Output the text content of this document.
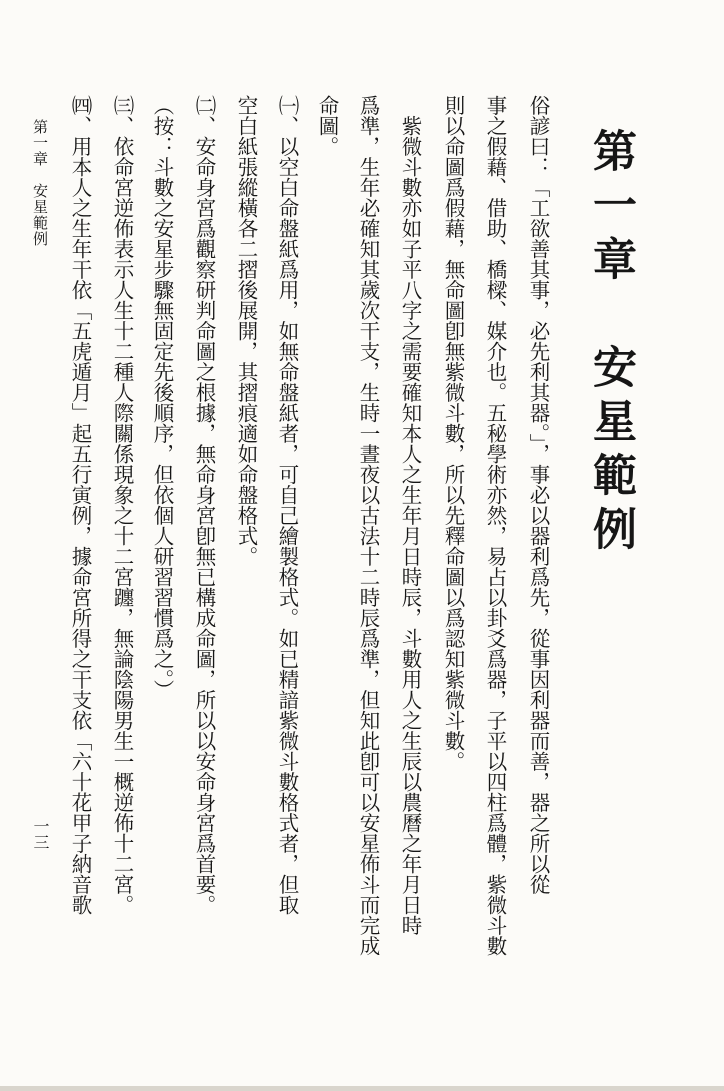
第一章　安星範例
俗諺曰：「工欲善其事，必先利其器。」，事必以器利爲先，從事因利器而善，器之所以從
事之假藉、借助、橋樑、媒介也。五秘學術亦然，易占以卦爻爲器，子平以四柱爲體，紫微斗數
則以命圖爲假藉，無命圖卽無紫微斗數，所以先釋命圖以爲認知紫微斗數。
　紫微斗數亦如子平八字之需要確知本人之生年月日時辰，斗數用人之生辰以農曆之年月日時
爲準，生年必確知其歲次干支，生時一晝夜以古法十二時辰爲準，但知此卽可以安星佈斗而完成
命圖。
㈠、以空白命盤紙爲用，如無命盤紙者，可自己繪製格式。如已精諳紫微斗數格式者，但取
空白紙張縱橫各二摺後展開，其摺痕適如命盤格式。
㈡、安命身宮爲觀察研判命圖之根據，無命身宮卽無已構成命圖，所以以安命身宮爲首要。
（按：斗數之安星步驟無固定先後順序，但依個人研習習慣爲之。）
㈢、依命宮逆佈表示人生十二種人際關係現象之十二宮躔，無論陰陽男生一概逆佈十二宮。
㈣、用本人之生年干依「五虎遁月」起五行寅例，據命宮所得之干支依「六十花甲子納音歌
第一章　安星範例
一三
